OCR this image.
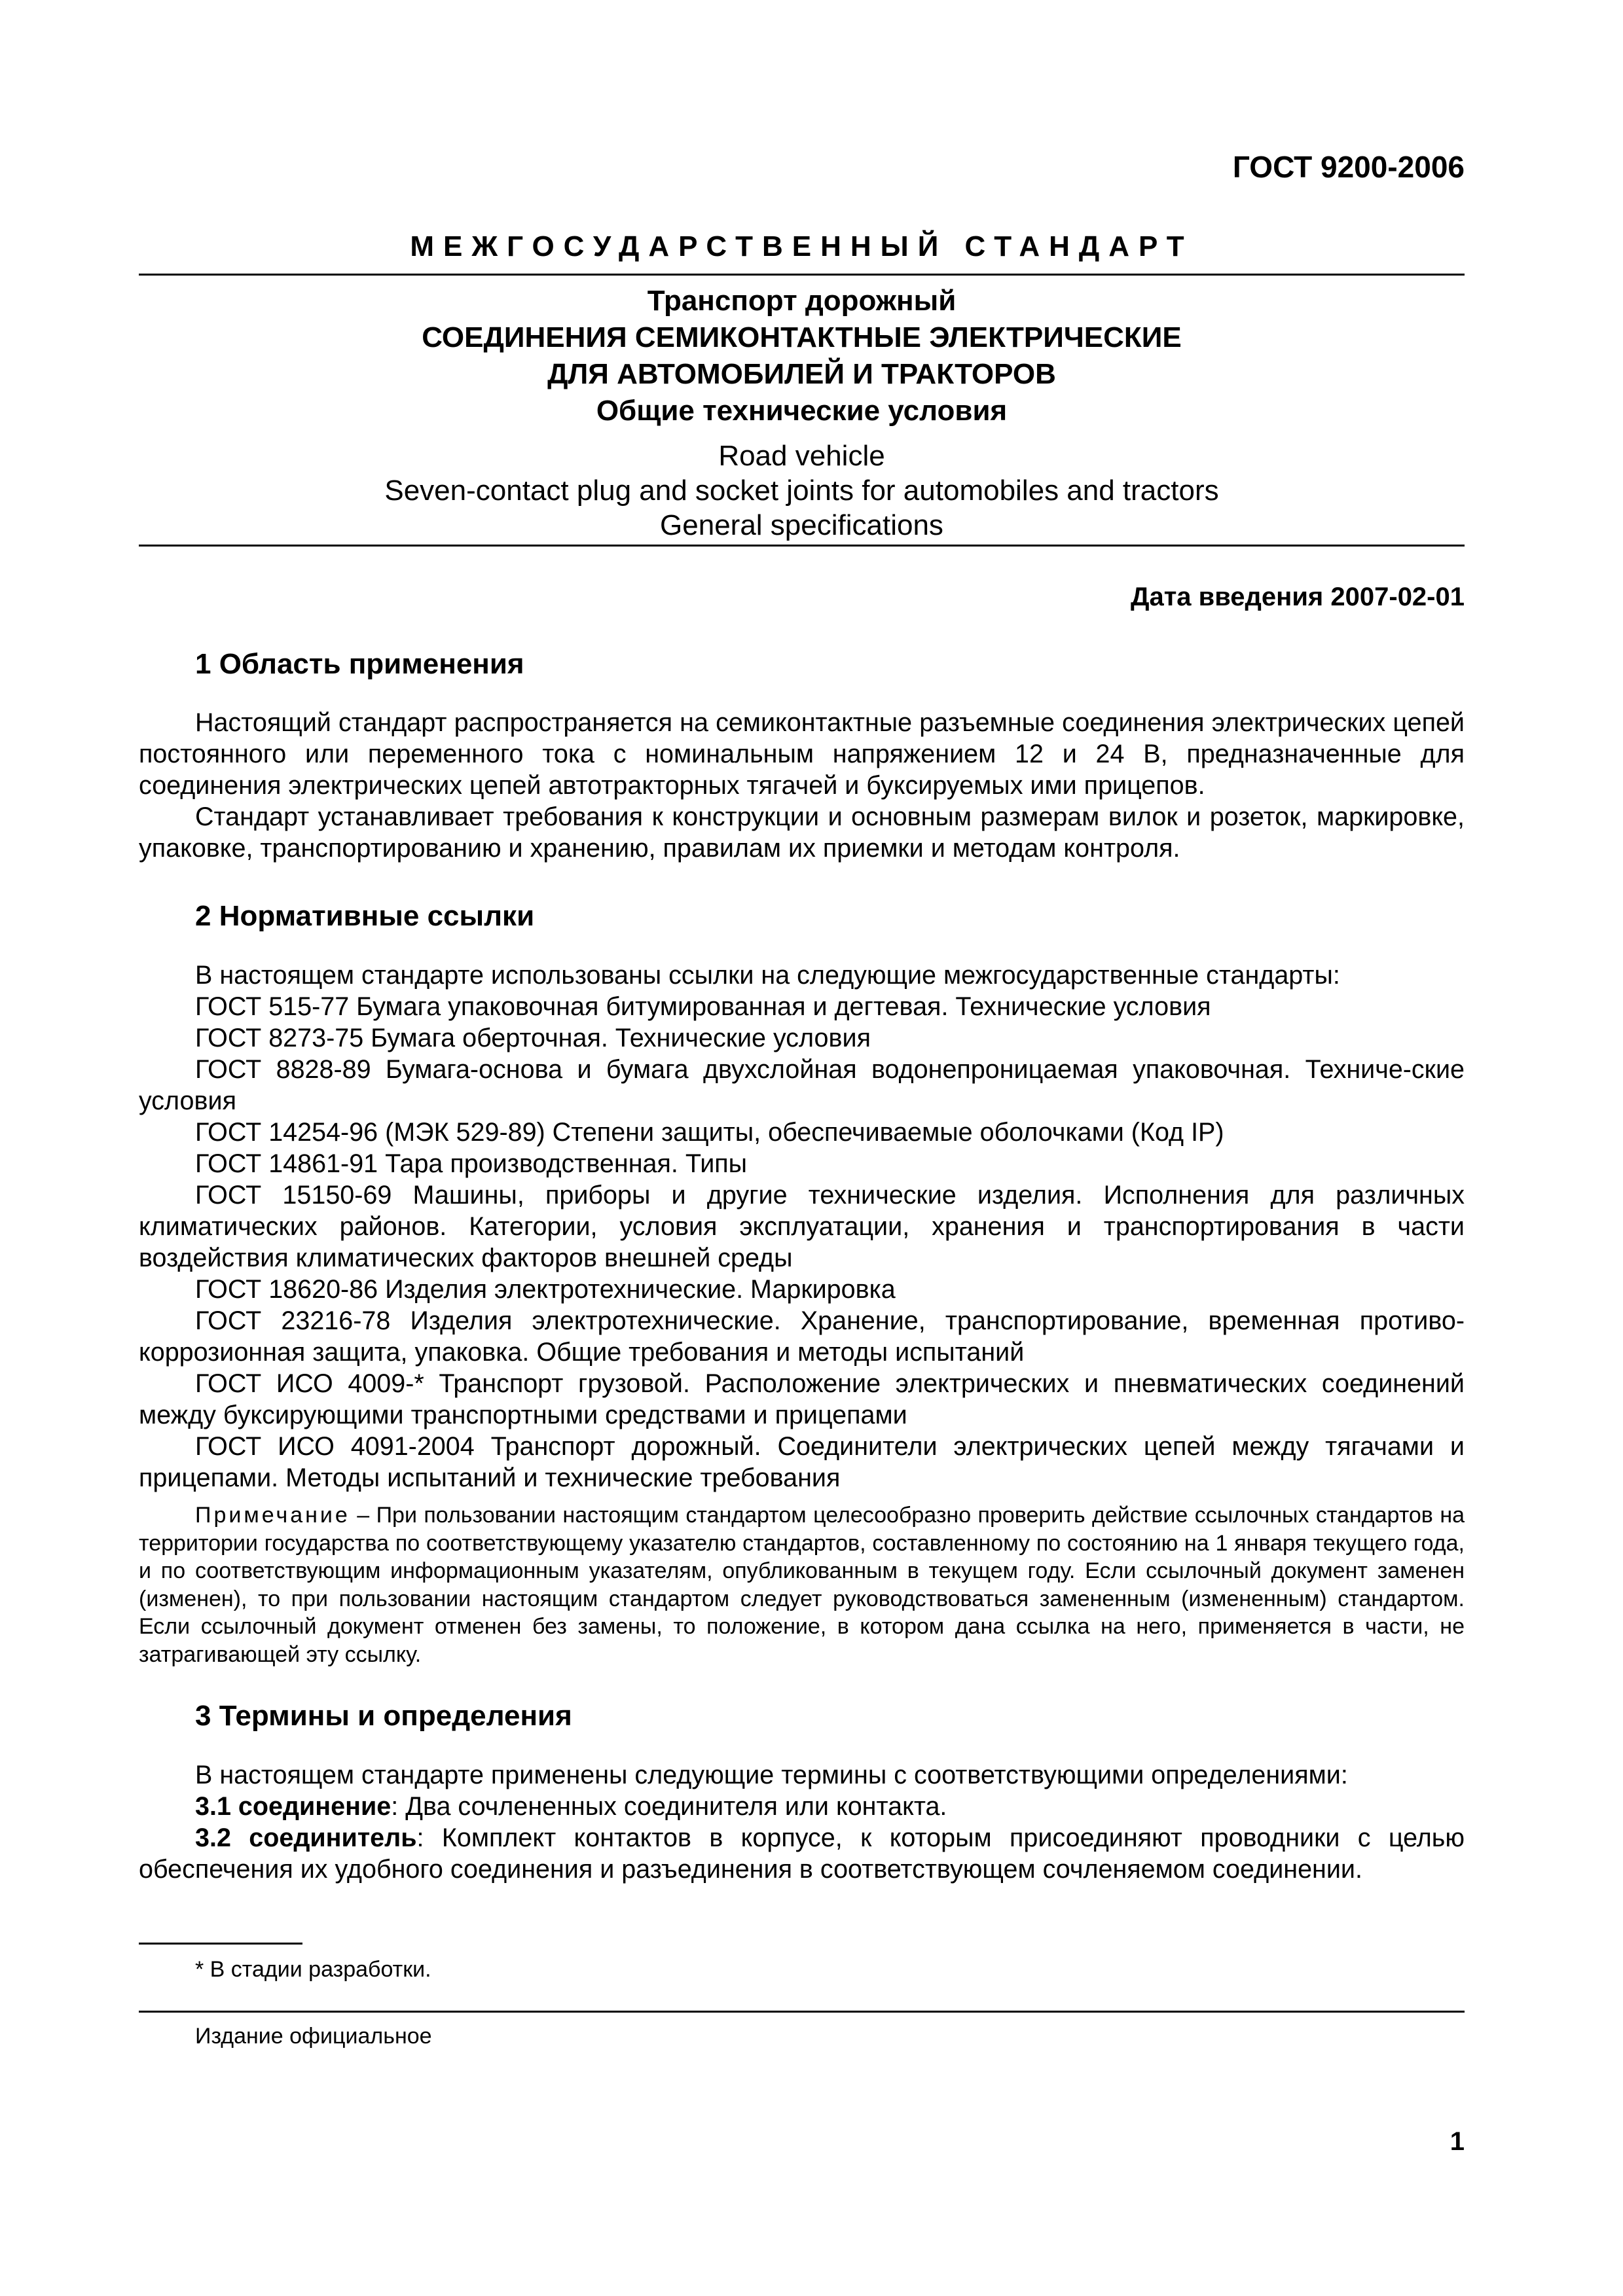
ГОСТ 9200-2006
МЕЖГОСУДАРСТВЕННЫЙ СТАНДАРТ
Транспорт дорожный
СОЕДИНЕНИЯ СЕМИКОНТАКТНЫЕ ЭЛЕКТРИЧЕСКИЕ
ДЛЯ АВТОМОБИЛЕЙ И ТРАКТОРОВ
Общие технические условия
Road vehicle
Seven-contact plug and socket joints for automobiles and tractors
General specifications
Дата введения 2007-02-01
1 Область применения

Настоящий стандарт распространяется на семиконтактные разъемные соединения электрических цепей постоянного или переменного тока с номинальным напряжением 12 и 24 В, предназначенные для соединения электрических цепей автотракторных тягачей и буксируемых ими прицепов.

Стандарт устанавливает требования к конструкции и основным размерам вилок и розеток, маркировке, упаковке, транспортированию и хранению, правилам их приемки и методам контроля.

2 Нормативные ссылки

В настоящем стандарте использованы ссылки на следующие межгосударственные стандарты:

ГОСТ 515-77 Бумага упаковочная битумированная и дегтевая. Технические условия

ГОСТ 8273-75 Бумага оберточная. Технические условия

ГОСТ 8828-89 Бумага-основа и бумага двухслойная водонепроницаемая упаковочная. Техниче-ские условия

ГОСТ 14254-96 (МЭК 529-89) Степени защиты, обеспечиваемые оболочками (Код IP)

ГОСТ 14861-91 Тара производственная. Типы

ГОСТ 15150-69 Машины, приборы и другие технические изделия. Исполнения для различных климатических районов. Категории, условия эксплуатации, хранения и транспортирования в части воздействия климатических факторов внешней среды

ГОСТ 18620-86 Изделия электротехнические. Маркировка

ГОСТ 23216-78 Изделия электротехнические. Хранение, транспортирование, временная противо-коррозионная защита, упаковка. Общие требования и методы испытаний

ГОСТ ИСО 4009-* Транспорт грузовой. Расположение электрических и пневматических соединений между буксирующими транспортными средствами и прицепами

ГОСТ ИСО 4091-2004 Транспорт дорожный. Соединители электрических цепей между тягачами и прицепами. Методы испытаний и технические требования

Примечание – При пользовании настоящим стандартом целесообразно проверить действие ссылочных стандартов на территории государства по соответствующему указателю стандартов, составленному по состоянию на 1 января текущего года, и по соответствующим информационным указателям, опубликованным в текущем году. Если ссылочный документ заменен (изменен), то при пользовании настоящим стандартом следует руководствоваться замененным (измененным) стандартом. Если ссылочный документ отменен без замены, то положение, в котором дана ссылка на него, применяется в части, не затрагивающей эту ссылку.

3 Термины и определения

В настоящем стандарте применены следующие термины с соответствующими определениями:

3.1 соединение: Два сочлененных соединителя или контакта.

3.2 соединитель: Комплект контактов в корпусе, к которым присоединяют проводники с целью обеспечения их удобного соединения и разъединения в соответствующем сочленяемом соединении.

* В стадии разработки.
Издание официальное
1
